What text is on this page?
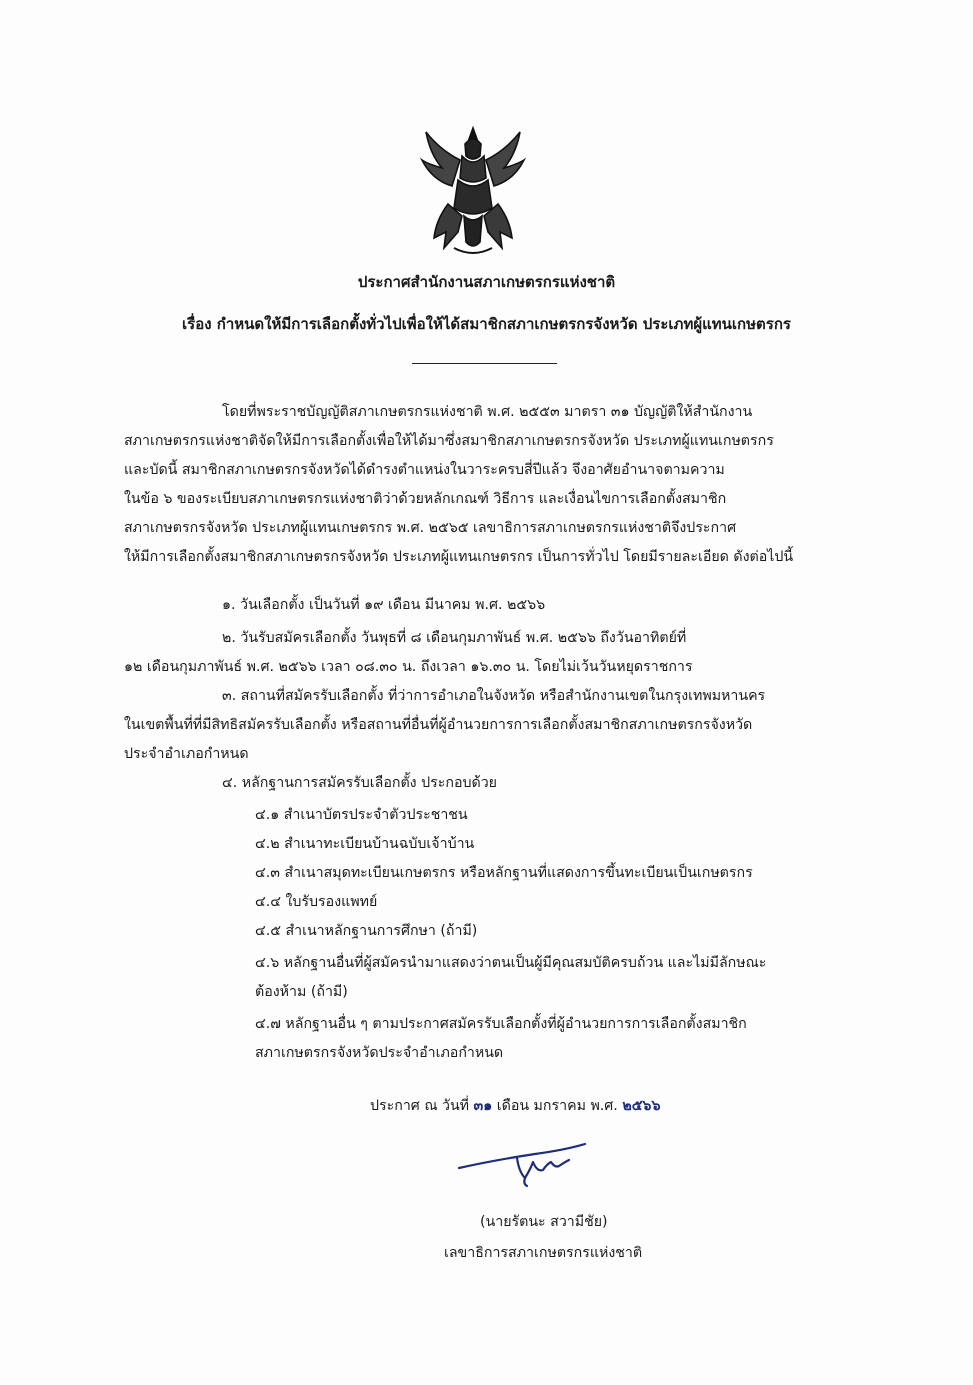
ประกาศสำนักงานสภาเกษตรกรแห่งชาติ
เรื่อง กำหนดให้มีการเลือกตั้งทั่วไปเพื่อให้ได้สมาชิกสภาเกษตรกรจังหวัด ประเภทผู้แทนเกษตรกร
โดยที่พระราชบัญญัติสภาเกษตรกรแห่งชาติ พ.ศ. ๒๕๕๓ มาตรา ๓๑ บัญญัติให้สำนักงาน
สภาเกษตรกรแห่งชาติจัดให้มีการเลือกตั้งเพื่อให้ได้มาซึ่งสมาชิกสภาเกษตรกรจังหวัด ประเภทผู้แทนเกษตรกร
และบัดนี้ สมาชิกสภาเกษตรกรจังหวัดได้ดำรงตำแหน่งในวาระครบสี่ปีแล้ว จึงอาศัยอำนาจตามความ
ในข้อ ๖ ของระเบียบสภาเกษตรกรแห่งชาติว่าด้วยหลักเกณฑ์ วิธีการ และเงื่อนไขการเลือกตั้งสมาชิก
สภาเกษตรกรจังหวัด ประเภทผู้แทนเกษตรกร พ.ศ. ๒๕๖๕ เลขาธิการสภาเกษตรกรแห่งชาติจึงประกาศ
ให้มีการเลือกตั้งสมาชิกสภาเกษตรกรจังหวัด ประเภทผู้แทนเกษตรกร เป็นการทั่วไป โดยมีรายละเอียด ดังต่อไปนี้
๑. วันเลือกตั้ง เป็นวันที่ ๑๙ เดือน มีนาคม พ.ศ. ๒๕๖๖
๒. วันรับสมัครเลือกตั้ง วันพุธที่ ๘ เดือนกุมภาพันธ์ พ.ศ. ๒๕๖๖ ถึงวันอาทิตย์ที่
๑๒ เดือนกุมภาพันธ์ พ.ศ. ๒๕๖๖ เวลา ๐๘.๓๐ น. ถึงเวลา ๑๖.๓๐ น. โดยไม่เว้นวันหยุดราชการ
๓. สถานที่สมัครรับเลือกตั้ง ที่ว่าการอำเภอในจังหวัด หรือสำนักงานเขตในกรุงเทพมหานคร
ในเขตพื้นที่ที่มีสิทธิสมัครรับเลือกตั้ง หรือสถานที่อื่นที่ผู้อำนวยการการเลือกตั้งสมาชิกสภาเกษตรกรจังหวัด
ประจำอำเภอกำหนด
๔. หลักฐานการสมัครรับเลือกตั้ง ประกอบด้วย
๔.๑ สำเนาบัตรประจำตัวประชาชน
๔.๒ สำเนาทะเบียนบ้านฉบับเจ้าบ้าน
๔.๓ สำเนาสมุดทะเบียนเกษตรกร หรือหลักฐานที่แสดงการขึ้นทะเบียนเป็นเกษตรกร
๔.๔ ใบรับรองแพทย์
๔.๕ สำเนาหลักฐานการศึกษา (ถ้ามี)
๔.๖ หลักฐานอื่นที่ผู้สมัครนำมาแสดงว่าตนเป็นผู้มีคุณสมบัติครบถ้วน และไม่มีลักษณะ
ต้องห้าม (ถ้ามี)
๔.๗ หลักฐานอื่น ๆ ตามประกาศสมัครรับเลือกตั้งที่ผู้อำนวยการการเลือกตั้งสมาชิก
สภาเกษตรกรจังหวัดประจำอำเภอกำหนด
ประกาศ ณ วันที่ ๓๑ เดือน มกราคม พ.ศ. ๒๕๖๖
(นายรัตนะ สวามีชัย)
เลขาธิการสภาเกษตรกรแห่งชาติ
